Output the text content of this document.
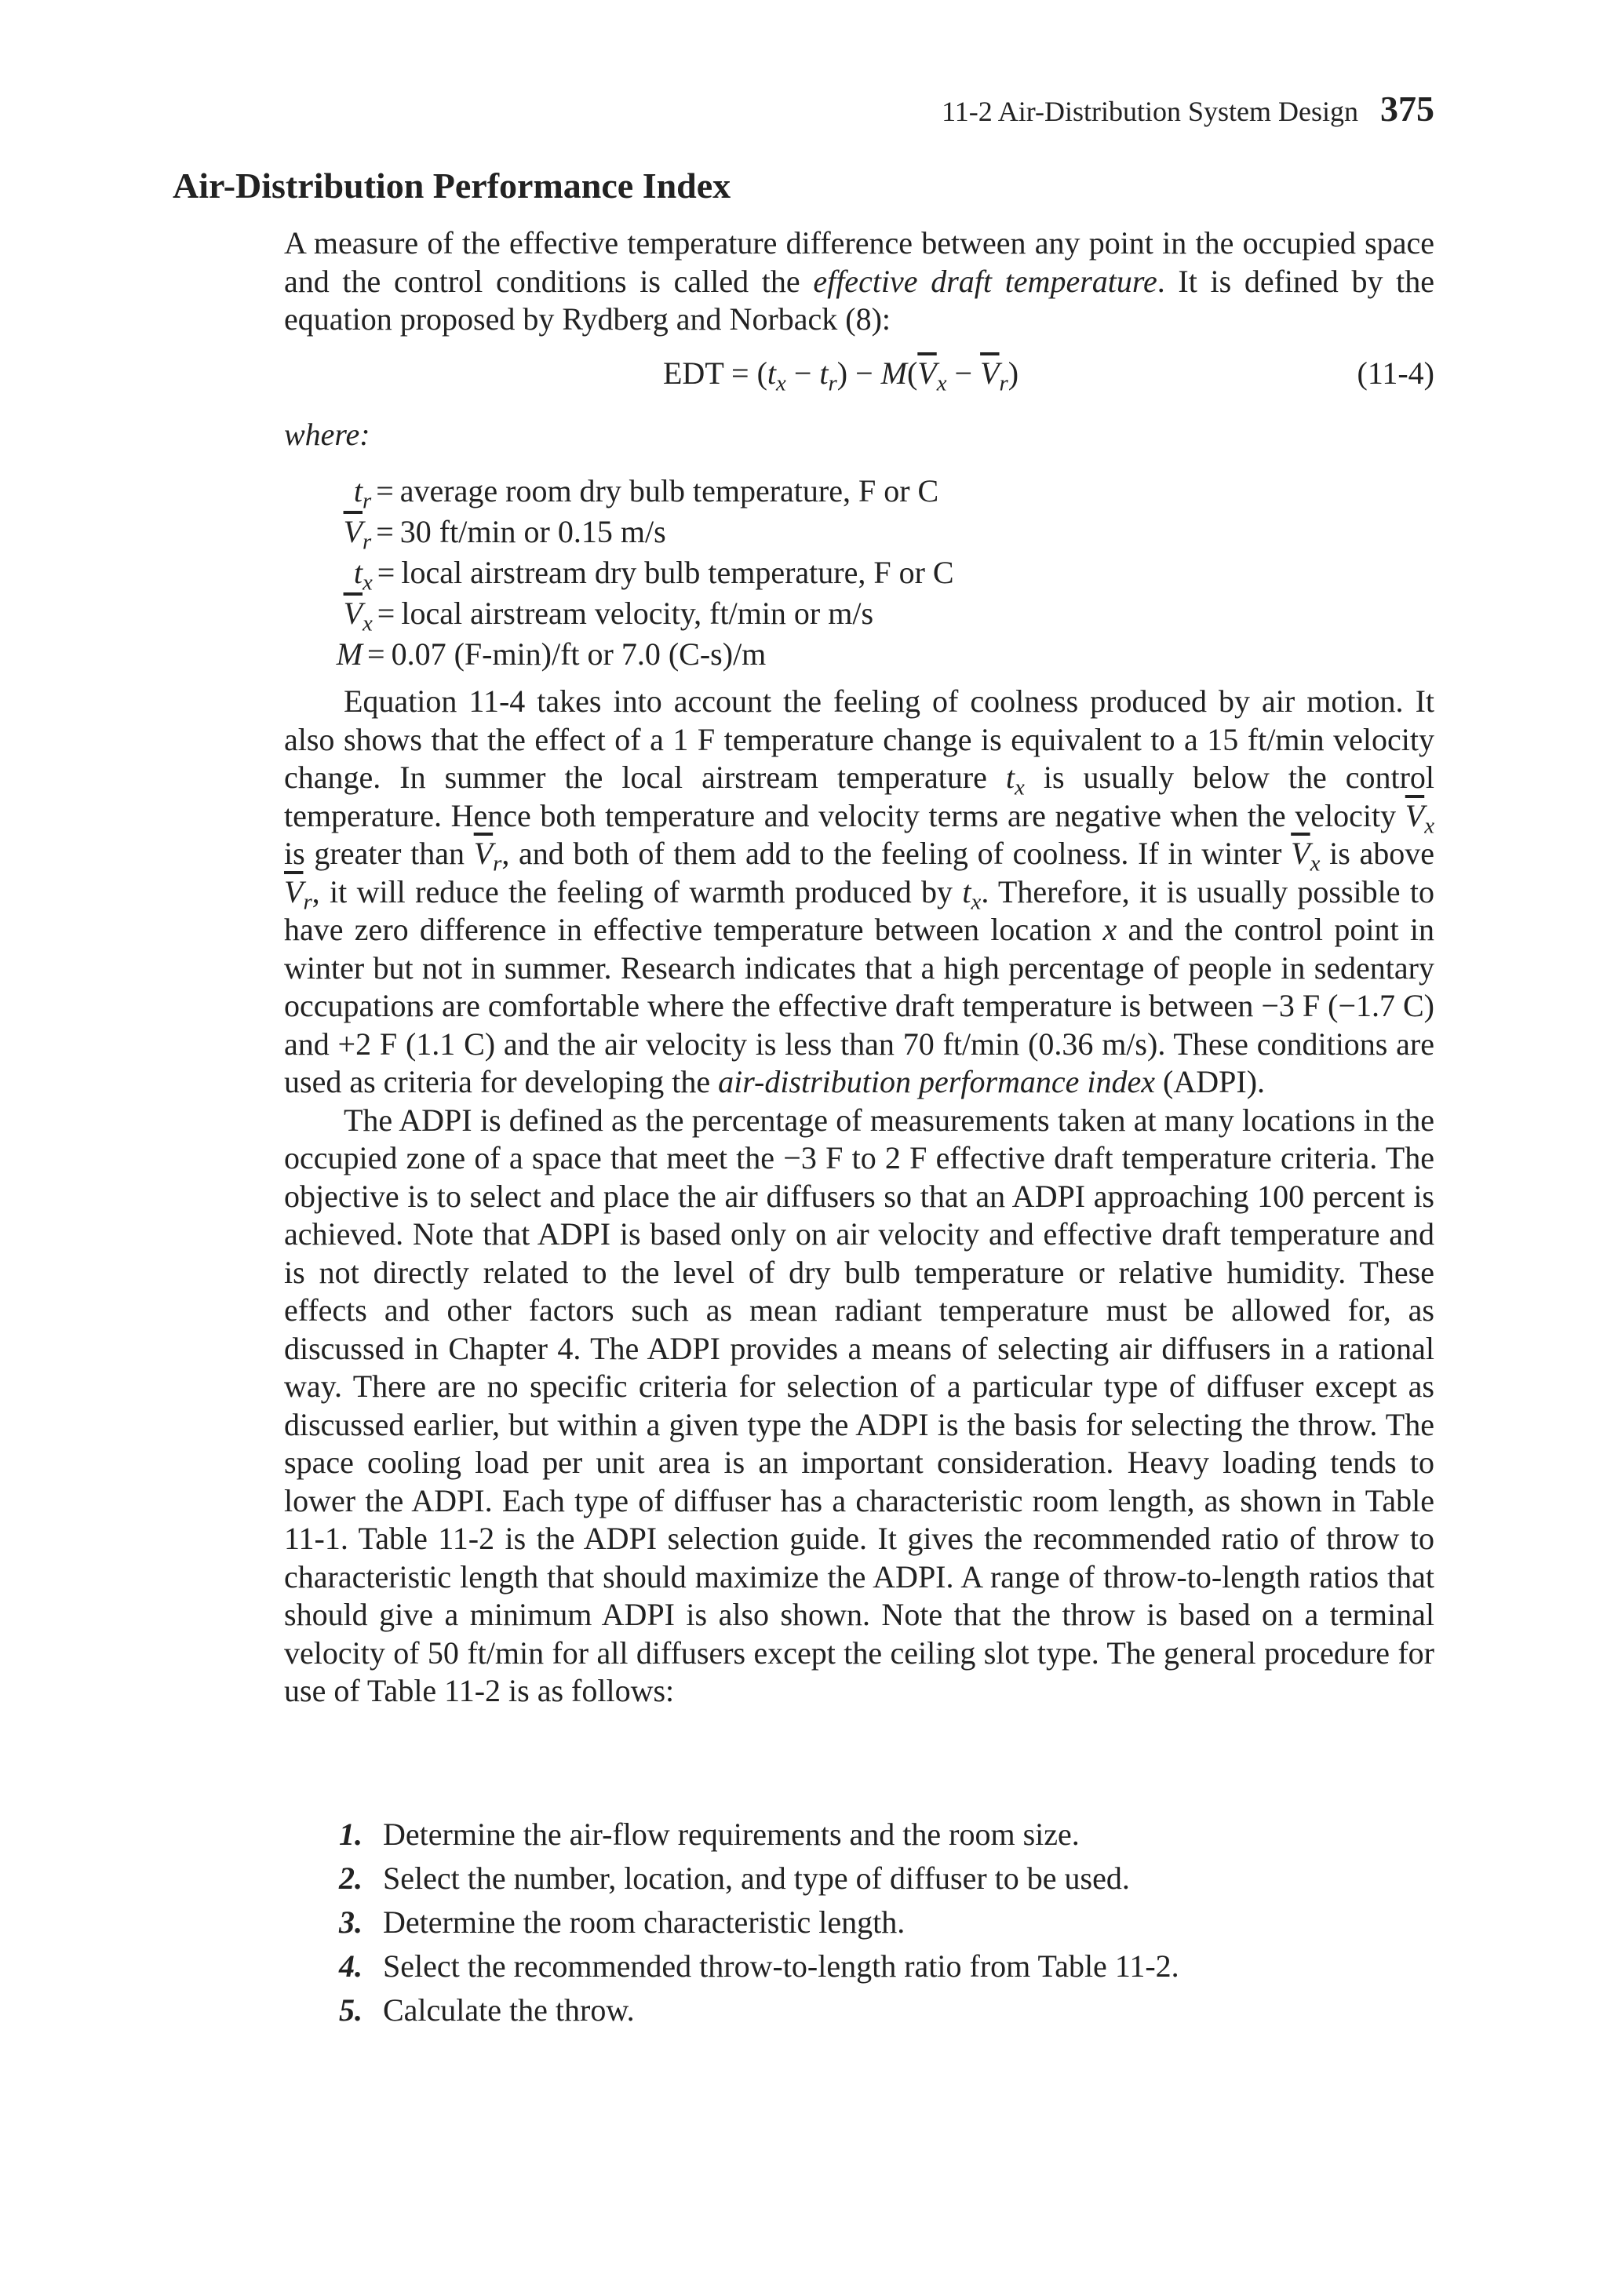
11-2 Air-Distribution System Design 375
Air-Distribution Performance Index

A measure of the effective temperature difference between any point in the occupied space and the control conditions is called the effective draft temperature. It is defined by the equation proposed by Rydberg and Norback (8):

EDT = $(t_x - t_r) - M(\overline{V}_x - \overline{V}_r)$	(11-4)
where:
$t_r$ = average room dry bulb temperature, F or C
$\overline{V}_r = 30$ ft/min or 0.15 m/s
$t_x$ = local airstream dry bulb temperature, F or C
$\overline{V}_x$ = local airstream velocity, ft/min or m/s
M = 0.07 (F-min)/ft or 7.0 (C-s)/m

Equation 11-4 takes into account the feeling of coolness produced by air motion. It also shows that the effect of a 1 F temperature change is equivalent to a 15 ft/min velocity change. In summer the local airstream temperature $t_x$ is usually below the control temperature. Hence both temperature and velocity terms are negative when the velocity $\overline{V}_x$ is greater than $\overline{V}_r$, and both of them add to the feeling of coolness. If in winter $\overline{V}_x$ is above $\overline{V}_r$, it will reduce the feeling of warmth produced by $t_x$. Therefore, it is usually possible to have zero difference in effective temperature between location x and the control point in winter but not in summer. Research indicates that a high percentage of people in sedentary occupations are comfortable where the effective draft temperature is between −3 F (−1.7 C) and +2 F (1.1 C) and the air velocity is less than 70 ft/min (0.36 m/s). These conditions are used as criteria for developing the air-distribution performance index (ADPI).

The ADPI is defined as the percentage of measurements taken at many locations in the occupied zone of a space that meet the −3 F to 2 F effective draft temperature criteria. The objective is to select and place the air diffusers so that an ADPI approaching 100 percent is achieved. Note that ADPI is based only on air velocity and effective draft temperature and is not directly related to the level of dry bulb temperature or relative humidity. These effects and other factors such as mean radiant temperature must be allowed for, as discussed in Chapter 4. The ADPI provides a means of selecting air diffusers in a rational way. There are no specific criteria for selection of a particular type of diffuser except as discussed earlier, but within a given type the ADPI is the basis for selecting the throw. The space cooling load per unit area is an important consideration. Heavy loading tends to lower the ADPI. Each type of diffuser has a characteristic room length, as shown in Table 11-1. Table 11-2 is the ADPI selection guide. It gives the recommended ratio of throw to characteristic length that should maximize the ADPI. A range of throw-to-length ratios that should give a minimum ADPI is also shown. Note that the throw is based on a terminal velocity of 50 ft/min for all diffusers except the ceiling slot type. The general procedure for use of Table 11-2 is as follows:

1. Determine the air-flow requirements and the room size.
2. Select the number, location, and type of diffuser to be used.
3. Determine the room characteristic length.
4. Select the recommended throw-to-length ratio from Table 11-2.
5. Calculate the throw.
